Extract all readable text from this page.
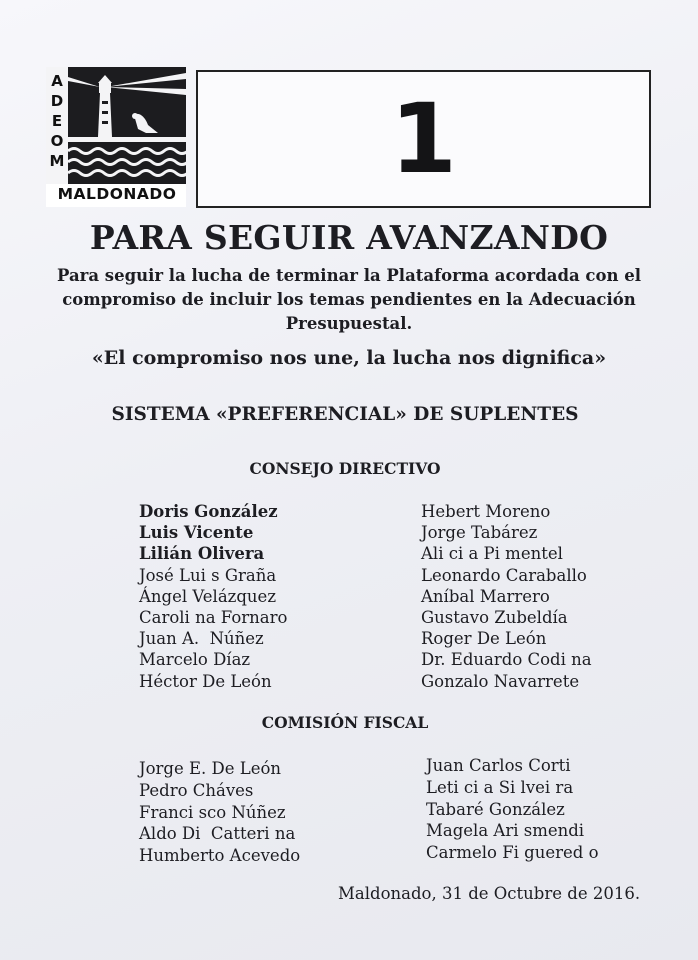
A
D
E
O
M
MALDONADO 1
PARA SEGUIR AVANZANDO
Para seguir la lucha de terminar la Plataforma acordada con el compromiso de incluir los temas pendientes en la Adecuación Presupuestal.
«El compromiso nos une, la lucha nos dignifica»
SISTEMA «PREFERENCIAL» DE SUPLENTES
CONSEJO DIRECTIVO
Doris González
Luis Vicente
Lilián Olivera
José Lui s Graña
Ángel Velázquez
Caroli na Fornaro
Juan A.  Núñez
Marcelo Díaz
Héctor De León
Hebert Moreno
Jorge Tabárez
Ali ci a Pi mentel
Leonardo Caraballo
Aníbal Marrero
Gustavo Zubeldía
Roger De León
Dr. Eduardo Codi na
Gonzalo Navarrete
COMISIÓN FISCAL
Jorge E. De León
Pedro Cháves
Franci sco Núñez
Aldo Di  Catteri na
Humberto Acevedo
Juan Carlos Corti
Leti ci a Si lvei ra
Tabaré González
Magela Ari smendi
Carmelo Fi guered o
Maldonado, 31 de Octubre de 2016.
